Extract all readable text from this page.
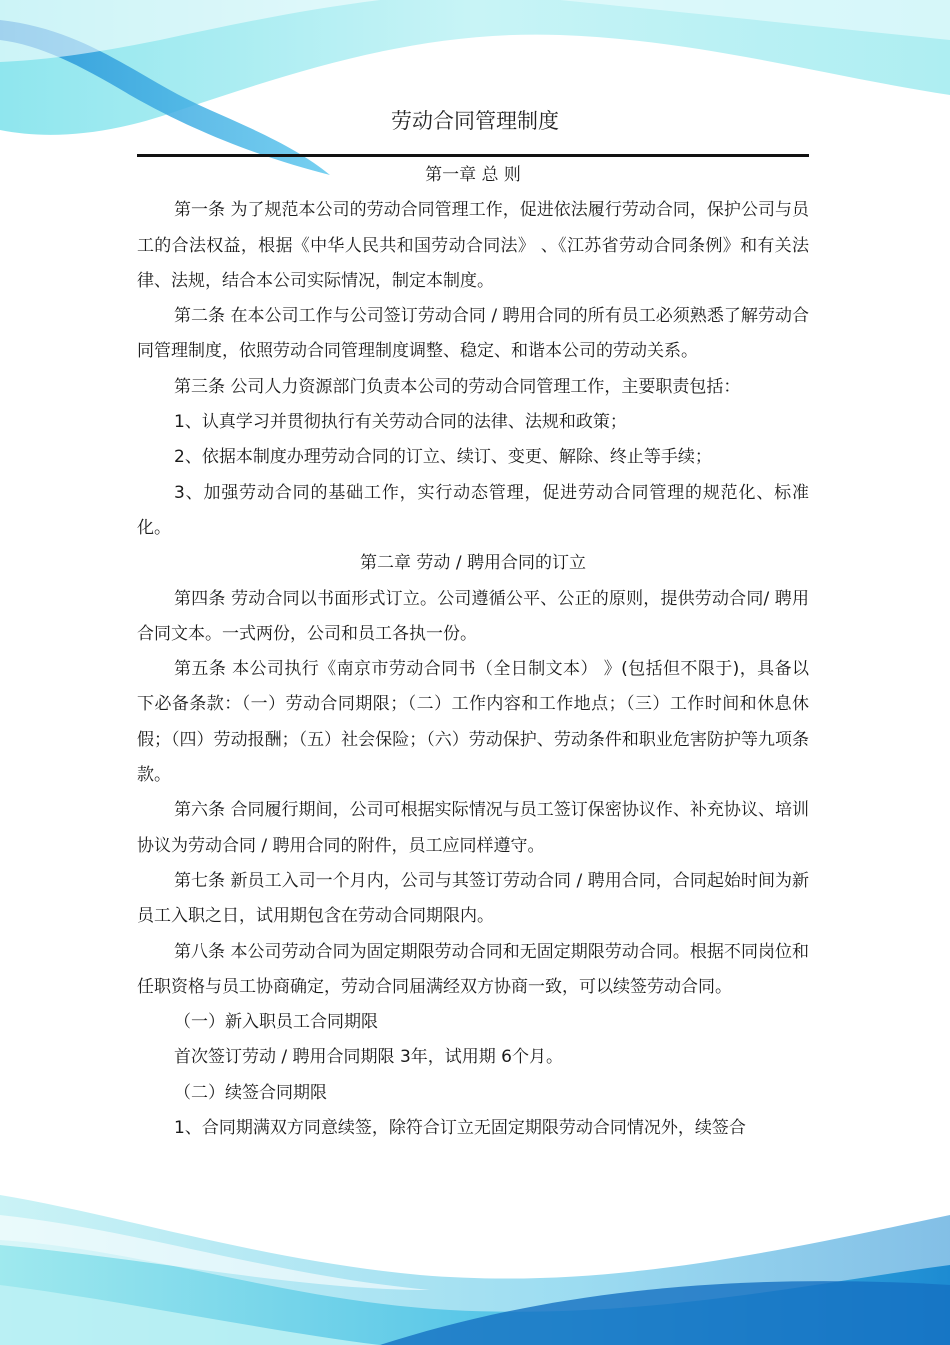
劳动合同管理制度

第一章 总 则

第一条 为了规范本公司的劳动合同管理工作，促进依法履行劳动合同，保护公司与员工的合法权益，根据《中华人民共和国劳动合同法》 、《江苏省劳动合同条例》和有关法律、法规，结合本公司实际情况，制定本制度。

第二条 在本公司工作与公司签订劳动合同 / 聘用合同的所有员工必须熟悉了解劳动合同管理制度，依照劳动合同管理制度调整、稳定、和谐本公司的劳动关系。

第三条 公司人力资源部门负责本公司的劳动合同管理工作，主要职责包括：

1、认真学习并贯彻执行有关劳动合同的法律、法规和政策；

2、依据本制度办理劳动合同的订立、续订、变更、解除、终止等手续；

3、加强劳动合同的基础工作，实行动态管理，促进劳动合同管理的规范化、标准化。

第二章 劳动 / 聘用合同的订立

第四条 劳动合同以书面形式订立。公司遵循公平、公正的原则，提供劳动合同/ 聘用合同文本。一式两份，公司和员工各执一份。

第五条 本公司执行《南京市劳动合同书（全日制文本） 》(包括但不限于)，具备以下必备条款：（一）劳动合同期限；（二）工作内容和工作地点；（三）工作时间和休息休假；（四）劳动报酬；（五）社会保险；（六）劳动保护、劳动条件和职业危害防护等九项条款。

第六条 合同履行期间，公司可根据实际情况与员工签订保密协议作、补充协议、培训协议为劳动合同 / 聘用合同的附件，员工应同样遵守。

第七条 新员工入司一个月内，公司与其签订劳动合同 / 聘用合同，合同起始时间为新员工入职之日，试用期包含在劳动合同期限内。

第八条 本公司劳动合同为固定期限劳动合同和无固定期限劳动合同。根据不同岗位和任职资格与员工协商确定，劳动合同届满经双方协商一致，可以续签劳动合同。

（一）新入职员工合同期限

首次签订劳动 / 聘用合同期限 3年，试用期 6个月。

（二）续签合同期限

1、合同期满双方同意续签，除符合订立无固定期限劳动合同情况外，续签合
